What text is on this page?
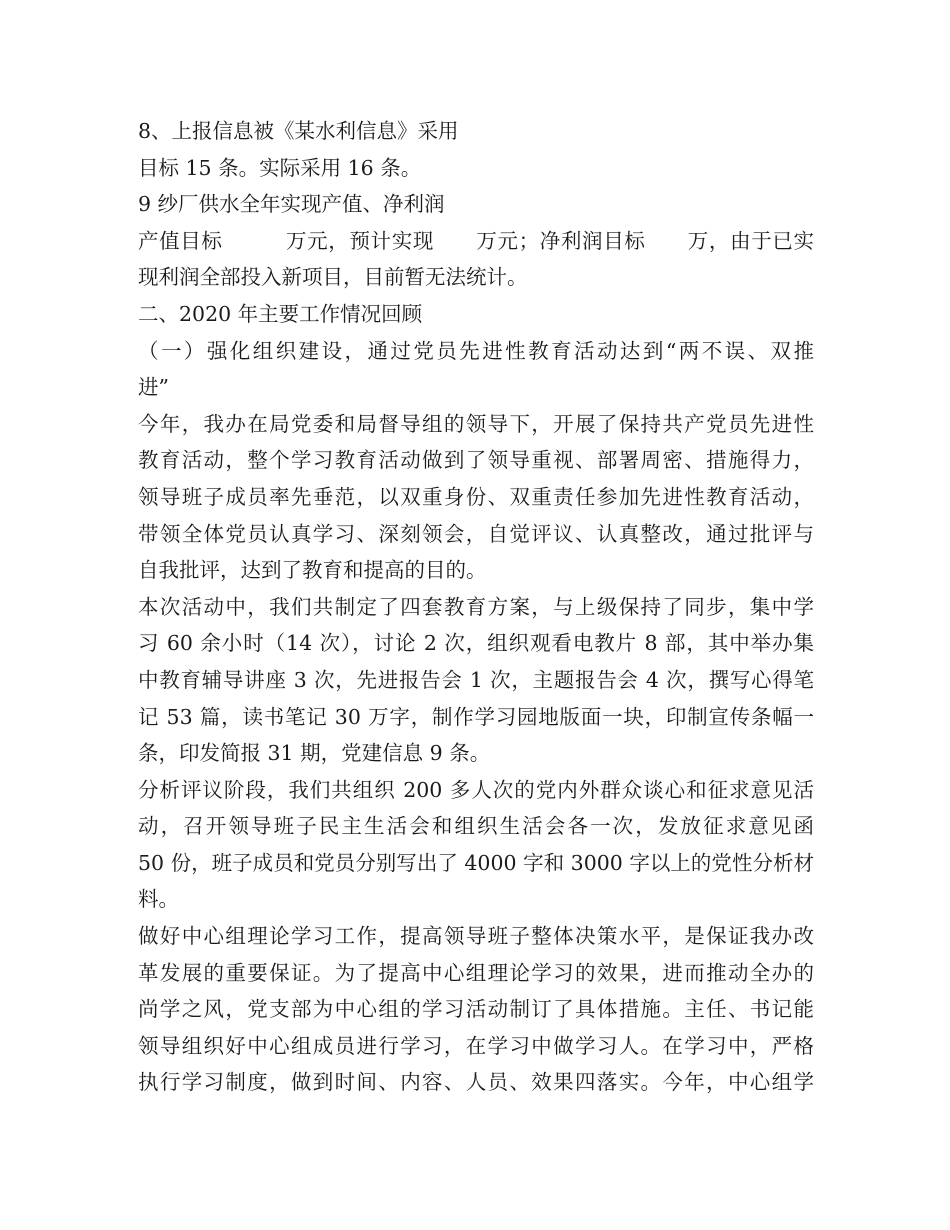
8、上报信息被《某水利信息》采用
目标 15 条。实际采用 16 条。
9 纱厂供水全年实现产值、净利润
产值目标　　　万元，预计实现　　万元；净利润目标　　万，由于已实
现利润全部投入新项目，目前暂无法统计。
二、2020 年主要工作情况回顾
（一）强化组织建设，通过党员先进性教育活动达到“两不误、双推
进”
今年，我办在局党委和局督导组的领导下，开展了保持共产党员先进性
教育活动，整个学习教育活动做到了领导重视、部署周密、措施得力，
领导班子成员率先垂范，以双重身份、双重责任参加先进性教育活动，
带领全体党员认真学习、深刻领会，自觉评议、认真整改，通过批评与
自我批评，达到了教育和提高的目的。
本次活动中，我们共制定了四套教育方案，与上级保持了同步，集中学
习 60 余小时（14 次），讨论 2 次，组织观看电教片 8 部，其中举办集
中教育辅导讲座 3 次，先进报告会 1 次，主题报告会 4 次，撰写心得笔
记 53 篇，读书笔记 30 万字，制作学习园地版面一块，印制宣传条幅一
条，印发简报 31 期，党建信息 9 条。
分析评议阶段，我们共组织 200 多人次的党内外群众谈心和征求意见活
动，召开领导班子民主生活会和组织生活会各一次，发放征求意见函
50 份，班子成员和党员分别写出了 4000 字和 3000 字以上的党性分析材
料。
做好中心组理论学习工作，提高领导班子整体决策水平，是保证我办改
革发展的重要保证。为了提高中心组理论学习的效果，进而推动全办的
尚学之风，党支部为中心组的学习活动制订了具体措施。主任、书记能
领导组织好中心组成员进行学习，在学习中做学习人。在学习中，严格
执行学习制度，做到时间、内容、人员、效果四落实。今年，中心组学
